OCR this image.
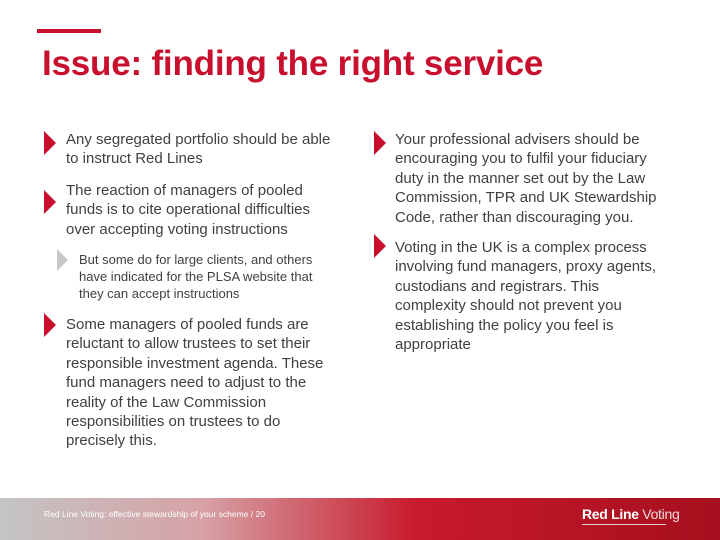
Issue: finding the right service
Any segregated portfolio should be able
to instruct Red Lines
The reaction of managers of pooled
funds is to cite operational difficulties
over accepting voting instructions
But some do for large clients, and others
have indicated for the PLSA website that
they can accept instructions
Some managers of pooled funds are
reluctant to allow trustees to set their
responsible investment agenda. These
fund managers need to adjust to the
reality of the Law Commission
responsibilities on trustees to do
precisely this.
Your professional advisers should be
encouraging you to fulfil your fiduciary
duty in the manner set out by the Law
Commission, TPR and UK Stewardship
Code, rather than discouraging you.
Voting in the UK is a complex process
involving fund managers, proxy agents,
custodians and registrars. This
complexity should not prevent you
establishing the policy you feel is
appropriate
Red Line Voting: effective stewardship of your scheme / 20	Red Line Voting
